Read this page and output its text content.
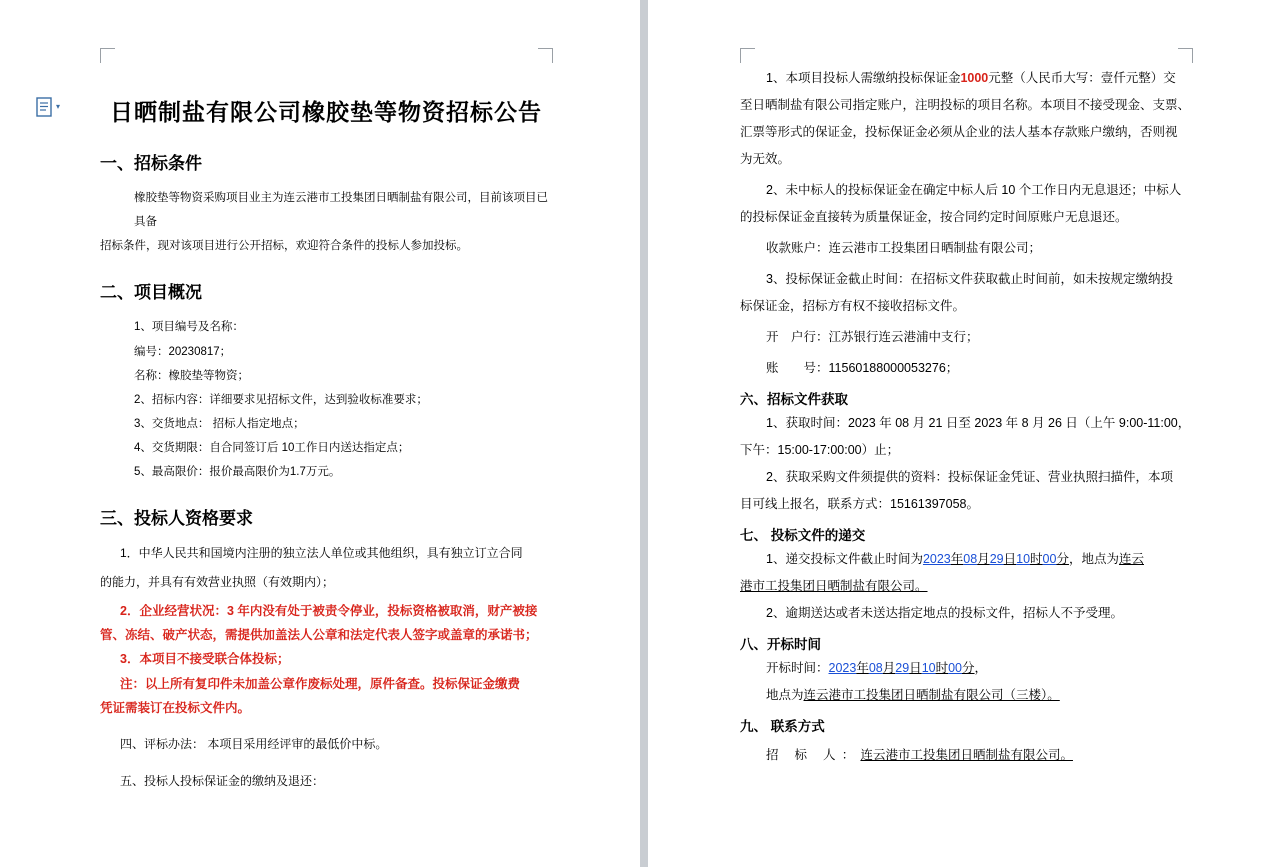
▾	日晒制盐有限公司橡胶垫等物资招标公告
一、招标条件

橡胶垫等物资采购项目业主为连云港市工投集团日晒制盐有限公司，目前该项目已具备

招标条件，现对该项目进行公开招标，欢迎符合条件的投标人参加投标。

二、项目概况

1、项目编号及名称：

编号：20230817；

名称：橡胶垫等物资；

2、招标内容：详细要求见招标文件，达到验收标准要求；

3、交货地点： 招标人指定地点；

4、交货期限：自合同签订后 10工作日内送达指定点；

5、最高限价：报价最高限价为1.7万元。

三、投标人资格要求

1．中华人民共和国境内注册的独立法人单位或其他组织，具有独立订立合同

的能力，并具有有效营业执照（有效期内）；

2．企业经营状况：3 年内没有处于被责令停业，投标资格被取消，财产被接

管、冻结、破产状态，需提供加盖法人公章和法定代表人签字或盖章的承诺书；

3．本项目不接受联合体投标；

注：以上所有复印件未加盖公章作废标处理，原件备查。投标保证金缴费

凭证需装订在投标文件内。

四、评标办法： 本项目采用经评审的最低价中标。

五、投标人投标保证金的缴纳及退还：

1、本项目投标人需缴纳投标保证金1000元整（人民币大写：壹仟元整）交

至日晒制盐有限公司指定账户，注明投标的项目名称。本项目不接受现金、支票、

汇票等形式的保证金，投标保证金必须从企业的法人基本存款账户缴纳，否则视

为无效。

2、未中标人的投标保证金在确定中标人后 10 个工作日内无息退还；中标人

的投标保证金直接转为质量保证金，按合同约定时间原账户无息退还。

收款账户：连云港市工投集团日晒制盐有限公司；

3、投标保证金截止时间：在招标文件获取截止时间前，如未按规定缴纳投

标保证金，招标方有权不接收招标文件。

开　户行：江苏银行连云港浦中支行；

账　　号：11560188000053276；

六、招标文件获取

1、获取时间：2023 年 08 月 21 日至 2023 年 8 月 26 日（上午 9:00-11:00，

下午：15:00-17:00:00）止；

2、获取采购文件须提供的资料：投标保证金凭证、营业执照扫描件，本项

目可线上报名，联系方式：15161397058。

七、 投标文件的递交

1、递交投标文件截止时间为2023年08月29日10时00分，地点为连云

港市工投集团日晒制盐有限公司。

2、逾期送达或者未送达指定地点的投标文件，招标人不予受理。

八、开标时间

开标时间：2023年08月29日10时00分，

地点为连云港市工投集团日晒制盐有限公司（三楼）。

九、 联系方式

招 标 人：连云港市工投集团日晒制盐有限公司。
